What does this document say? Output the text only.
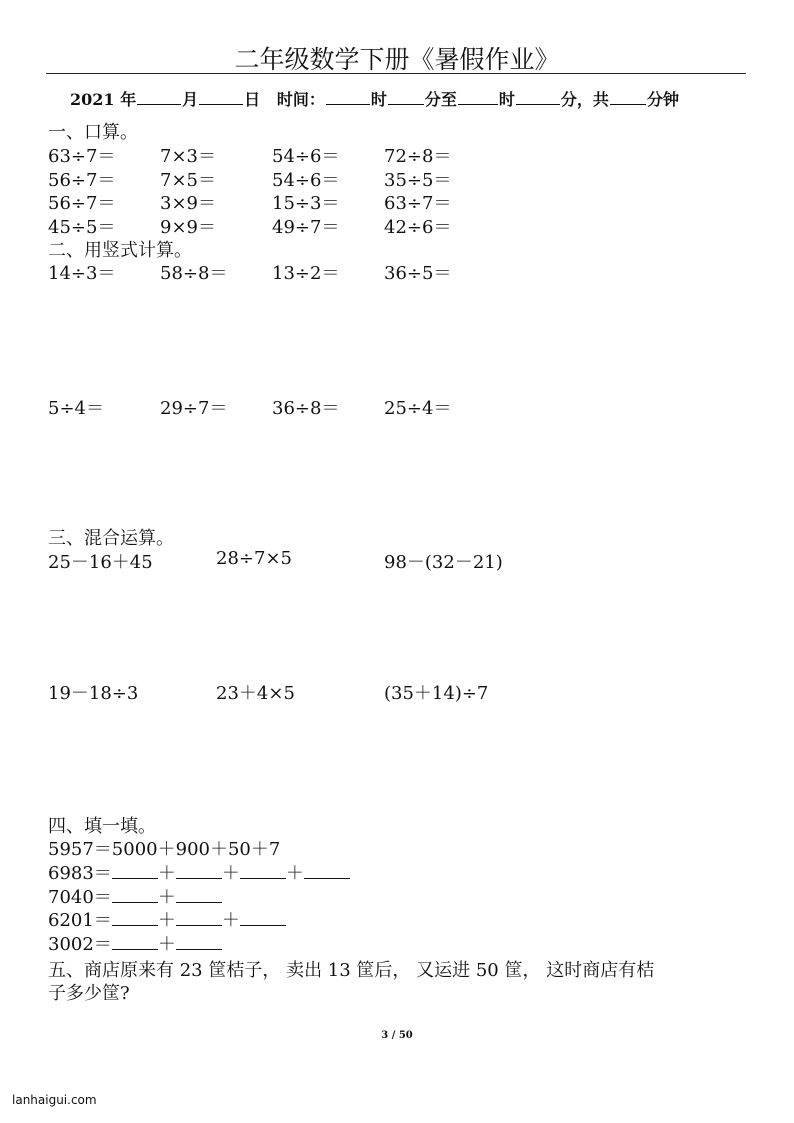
二年级数学下册《暑假作业》
2021 年	月	日 时间：	时 分至	时	分，共 分钟
一、口算。
63÷7＝ 7×3＝	54÷6＝ 72÷8＝
56÷7＝ 7×5＝	54÷6＝ 35÷5＝
56÷7＝ 3×9＝	15÷3＝ 63÷7＝
45÷5＝ 9×9＝	49÷7＝ 42÷6＝
二、用竖式计算。
14÷3＝ 58÷8＝ 13÷2＝ 36÷5＝
5÷4＝	29÷7＝ 36÷8＝ 25÷4＝
三、混合运算。
25－16＋45	28÷7×5	98－(32－21)
19－18÷3	23＋4×5	(35＋14)÷7
四、填一填。
5957＝5000＋900＋50＋7
6983＝	＋	＋	＋
7040＝	＋
6201＝	＋	＋
3002＝	＋
五、商店原来有 23 筐桔子， 卖出 13 筐后， 又运进 50 筐， 这时商店有桔
子多少筐?
3 / 50
lanhaigui.com
